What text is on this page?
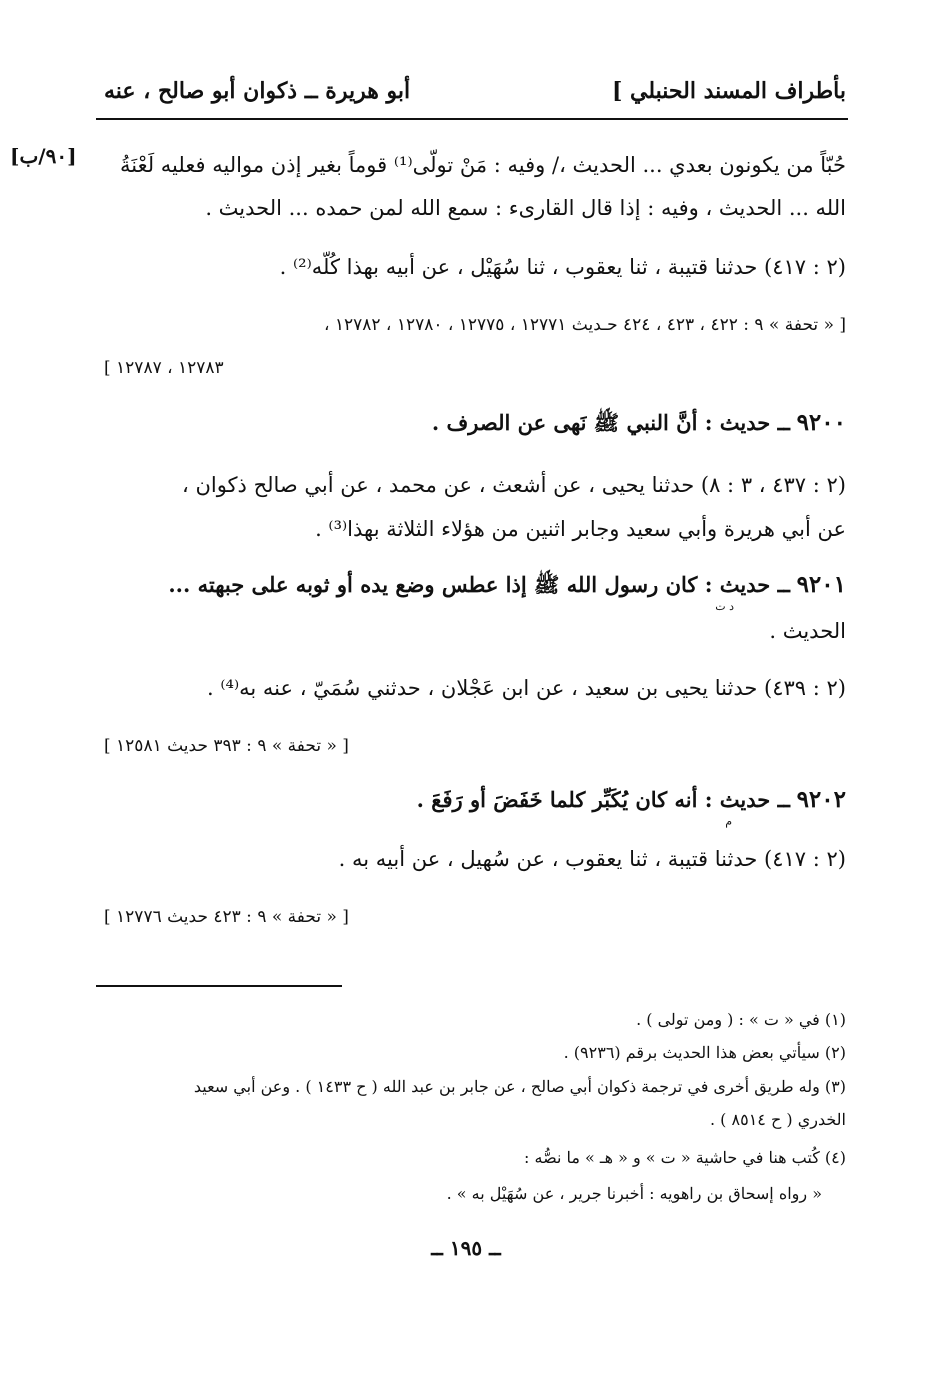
بأطراف المسند الحنبلي ]
أبو هريرة ــ ذكوان أبو صالح ، عنه
[٩٠/ب] حُبّاً من يكونون بعدي ... الحديث ،/ وفيه : مَنْ تولّى⁽¹⁾ قوماً بغير إذن مواليه فعليه لَعْنَةُ
الله ... الحديث ، وفيه : إذا قال القارىء : سمع الله لمن حمده ... الحديث .
(٢ : ٤١٧) حدثنا قتيبة ، ثنا يعقوب ، ثنا سُهَيْل ، عن أبيه بهذا كُلّه⁽²⁾ .
[ « تحفة » ٩ : ٤٢٢ ، ٤٢٣ ، ٤٢٤ حـديث ١٢٧٧١ ، ١٢٧٧٥ ، ١٢٧٨٠ ، ١٢٧٨٢ ،
١٢٧٨٣ ، ١٢٧٨٧ ]
٩٢٠٠ ــ حديث : أنَّ النبي ﷺ نَهى عن الصرف .
(٢ : ٤٣٧ ، ٣ : ٨) حدثنا يحيى ، عن أشعث ، عن محمد ، عن أبي صالح ذكوان ،
عن أبي هريرة وأبي سعيد وجابر اثنين من هؤلاء الثلاثة بهذا⁽³⁾ .
٩٢٠١ ــ حديث : كان رسول الله ﷺ إذا عطس وضع يده أو ثوبه على جبهته ...
د ت
الحديث .
(٢ : ٤٣٩) حدثنا يحيى بن سعيد ، عن ابن عَجْلان ، حدثني سُمَيّ ، عنه به⁽⁴⁾ .
[ « تحفة » ٩ : ٣٩٣ حديث ١٢٥٨١ ]
٩٢٠٢ ــ حديث : أنه كان يُكَبِّر كلما خَفَضَ أو رَفَعَ .
م
(٢ : ٤١٧) حدثنا قتيبة ، ثنا يعقوب ، عن سُهيل ، عن أبيه به .
[ « تحفة » ٩ : ٤٢٣ حديث ١٢٧٧٦ ]
(١) في « ت » : ( ومن تولى ) .
(٢) سيأتي بعض هذا الحديث برقم (٩٢٣٦) .
(٣) وله طريق أخرى في ترجمة ذكوان أبي صالح ، عن جابر بن عبد الله ( ح ١٤٣٣ ) . وعن أبي سعيد
الخدري ( ح ٨٥١٤ ) .
(٤) كُتب هنا في حاشية « ت » و « هـ » ما نصُّه :
« رواه إسحاق بن راهويه : أخبرنا جرير ، عن سُهَيْل به » .
ــ ١٩٥ ــ
